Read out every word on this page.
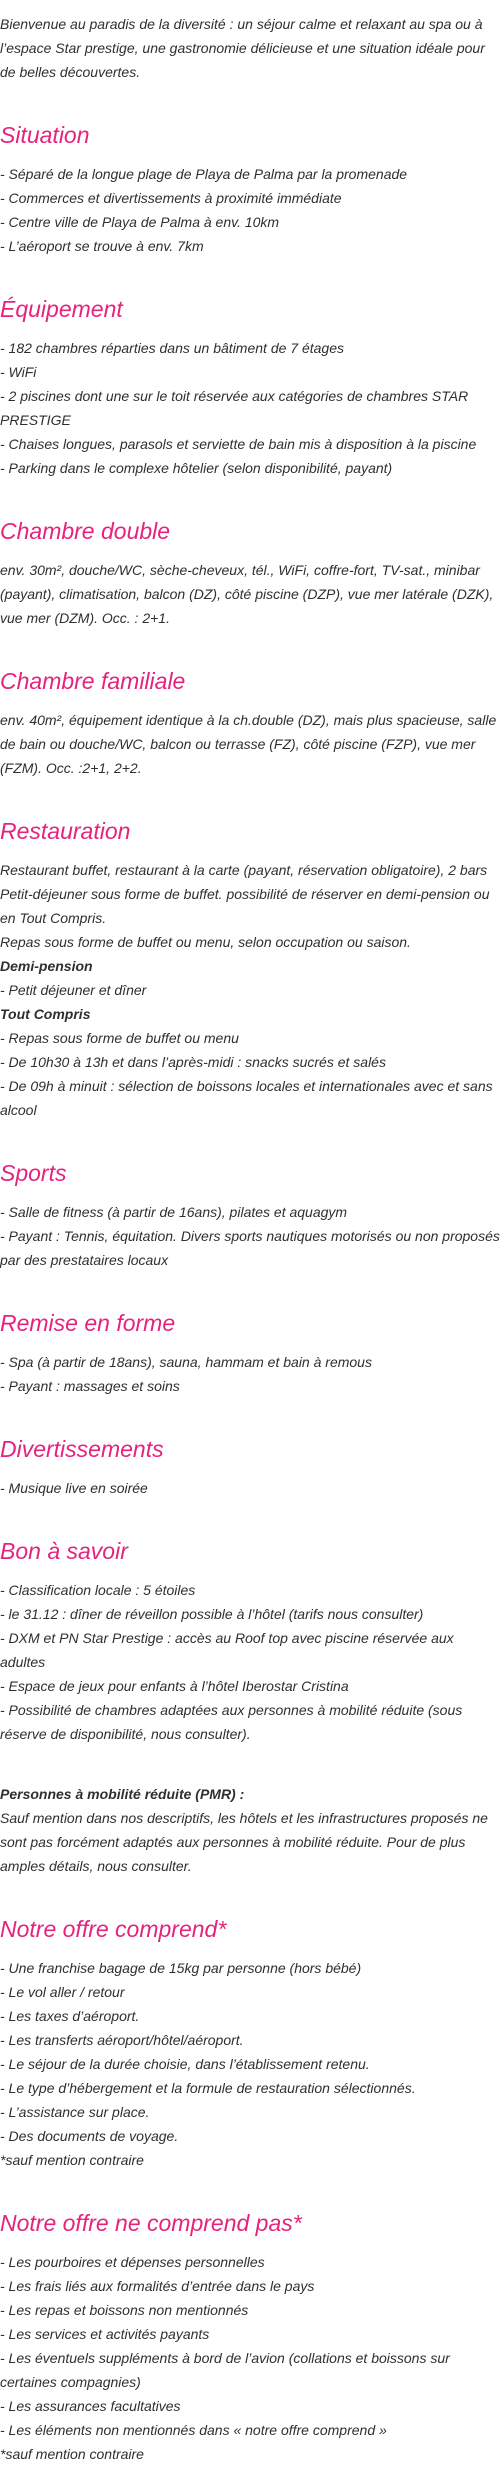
Bienvenue au paradis de la diversité : un séjour calme et relaxant au spa ou à l’espace Star prestige, une gastronomie délicieuse et une situation idéale pour de belles découvertes.

Situation
- Séparé de la longue plage de Playa de Palma par la promenade
- Commerces et divertissements à proximité immédiate
- Centre ville de Playa de Palma à env. 10km
- L’aéroport se trouve à env. 7km
Équipement
- 182 chambres réparties dans un bâtiment de 7 étages
- WiFi
- 2 piscines dont une sur le toit réservée aux catégories de chambres STAR PRESTIGE
- Chaises longues, parasols et serviette de bain mis à disposition à la piscine
- Parking dans le complexe hôtelier (selon disponibilité, payant)
Chambre double

env. 30m², douche/WC, sèche-cheveux, tél., WiFi, coffre-fort, TV-sat., minibar (payant), climatisation, balcon (DZ), côté piscine (DZP), vue mer latérale (DZK), vue mer (DZM). Occ. : 2+1.

Chambre familiale

env. 40m², équipement identique à la ch.double (DZ), mais plus spacieuse, salle de bain ou douche/WC, balcon ou terrasse (FZ), côté piscine (FZP), vue mer (FZM). Occ. :2+1, 2+2.

Restauration

Restaurant buffet, restaurant à la carte (payant, réservation obligatoire), 2 bars

Petit-déjeuner sous forme de buffet. possibilité de réserver en demi-pension ou en Tout Compris.

Repas sous forme de buffet ou menu, selon occupation ou saison.

Demi-pension
- Petit déjeuner et dîner
Tout Compris
- Repas sous forme de buffet ou menu
- De 10h30 à 13h et dans l’après-midi : snacks sucrés et salés
- De 09h à minuit : sélection de boissons locales et internationales avec et sans alcool
Sports
- Salle de fitness (à partir de 16ans), pilates et aquagym
- Payant : Tennis, équitation. Divers sports nautiques motorisés ou non proposés par des prestataires locaux
Remise en forme
- Spa (à partir de 18ans), sauna, hammam et bain à remous
- Payant : massages et soins
Divertissements
- Musique live en soirée
Bon à savoir
- Classification locale : 5 étoiles
- le 31.12 : dîner de réveillon possible à l’hôtel (tarifs nous consulter)
- DXM et PN Star Prestige : accès au Roof top avec piscine réservée aux adultes
- Espace de jeux pour enfants à l’hôtel Iberostar Cristina
- Possibilité de chambres adaptées aux personnes à mobilité réduite (sous réserve de disponibilité, nous consulter).
Personnes à mobilité réduite (PMR) :

Sauf mention dans nos descriptifs, les hôtels et les infrastructures proposés ne sont pas forcément adaptés aux personnes à mobilité réduite. Pour de plus amples détails, nous consulter.

Notre offre comprend*
- Une franchise bagage de 15kg par personne (hors bébé)
- Le vol aller / retour
- Les taxes d’aéroport.
- Les transferts aéroport/hôtel/aéroport.
- Le séjour de la durée choisie, dans l’établissement retenu.
- Le type d’hébergement et la formule de restauration sélectionnés.
- L’assistance sur place.
- Des documents de voyage.
*sauf mention contraire
Notre offre ne comprend pas*
- Les pourboires et dépenses personnelles
- Les frais liés aux formalités d’entrée dans le pays
- Les repas et boissons non mentionnés
- Les services et activités payants
- Les éventuels suppléments à bord de l’avion (collations et boissons sur certaines compagnies)
- Les assurances facultatives
- Les éléments non mentionnés dans « notre offre comprend »
*sauf mention contraire
